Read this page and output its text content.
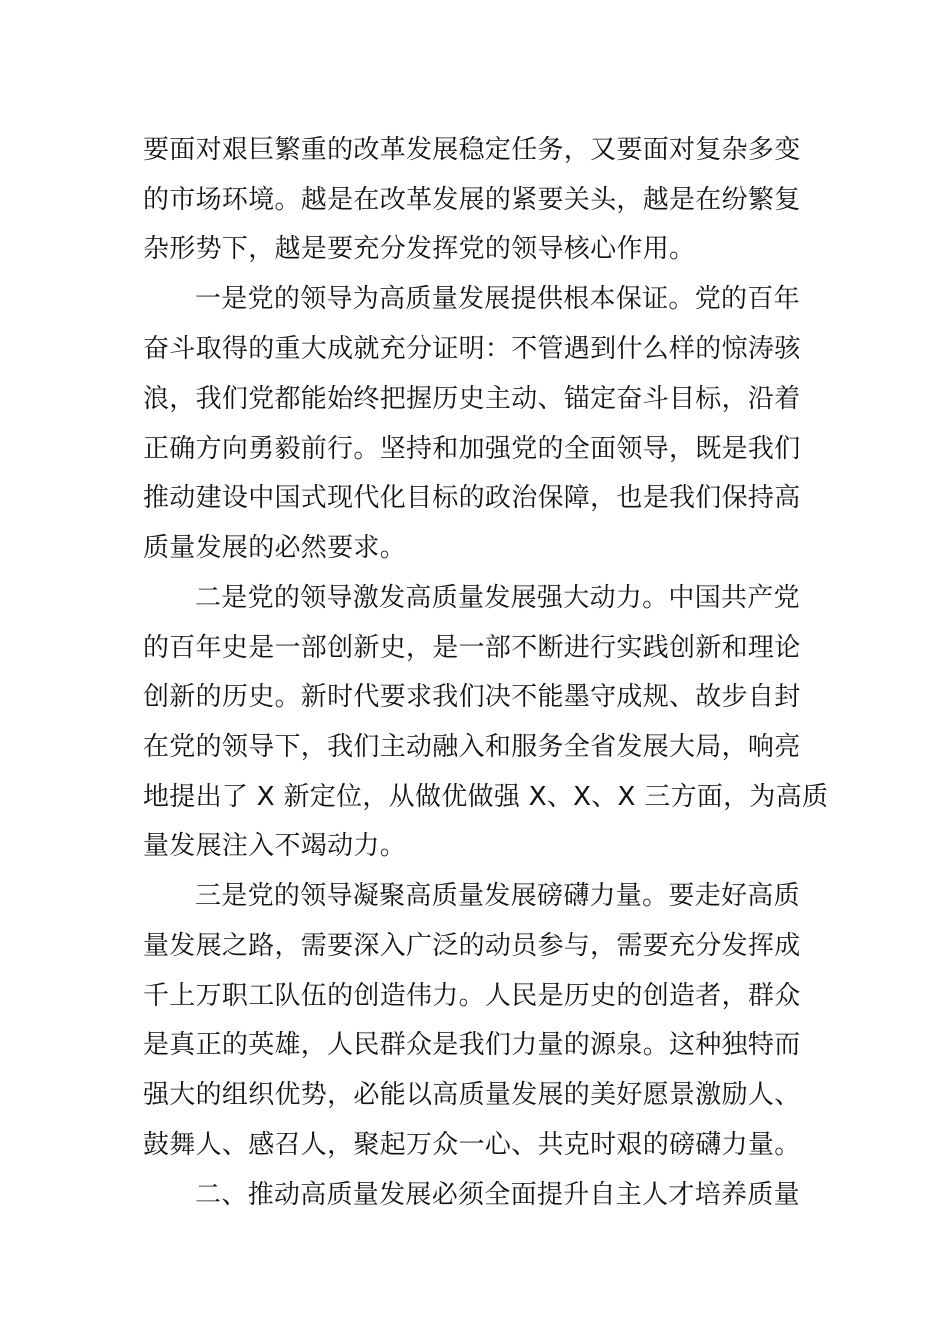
要面对艰巨繁重的改革发展稳定任务，又要面对复杂多变
的市场环境。越是在改革发展的紧要关头，越是在纷繁复
杂形势下，越是要充分发挥党的领导核心作用。
一是党的领导为高质量发展提供根本保证。党的百年
奋斗取得的重大成就充分证明：不管遇到什么样的惊涛骇
浪，我们党都能始终把握历史主动、锚定奋斗目标，沿着
正确方向勇毅前行。坚持和加强党的全面领导，既是我们
推动建设中国式现代化目标的政治保障，也是我们保持高
质量发展的必然要求。
二是党的领导激发高质量发展强大动力。中国共产党
的百年史是一部创新史，是一部不断进行实践创新和理论
创新的历史。新时代要求我们决不能墨守成规、故步自封
在党的领导下，我们主动融入和服务全省发展大局，响亮
地提出了 X 新定位，从做优做强 X、X、X 三方面，为高质
量发展注入不竭动力。
三是党的领导凝聚高质量发展磅礴力量。要走好高质
量发展之路，需要深入广泛的动员参与，需要充分发挥成
千上万职工队伍的创造伟力。人民是历史的创造者，群众
是真正的英雄，人民群众是我们力量的源泉。这种独特而
强大的组织优势，必能以高质量发展的美好愿景激励人、
鼓舞人、感召人，聚起万众一心、共克时艰的磅礴力量。
二、推动高质量发展必须全面提升自主人才培养质量
